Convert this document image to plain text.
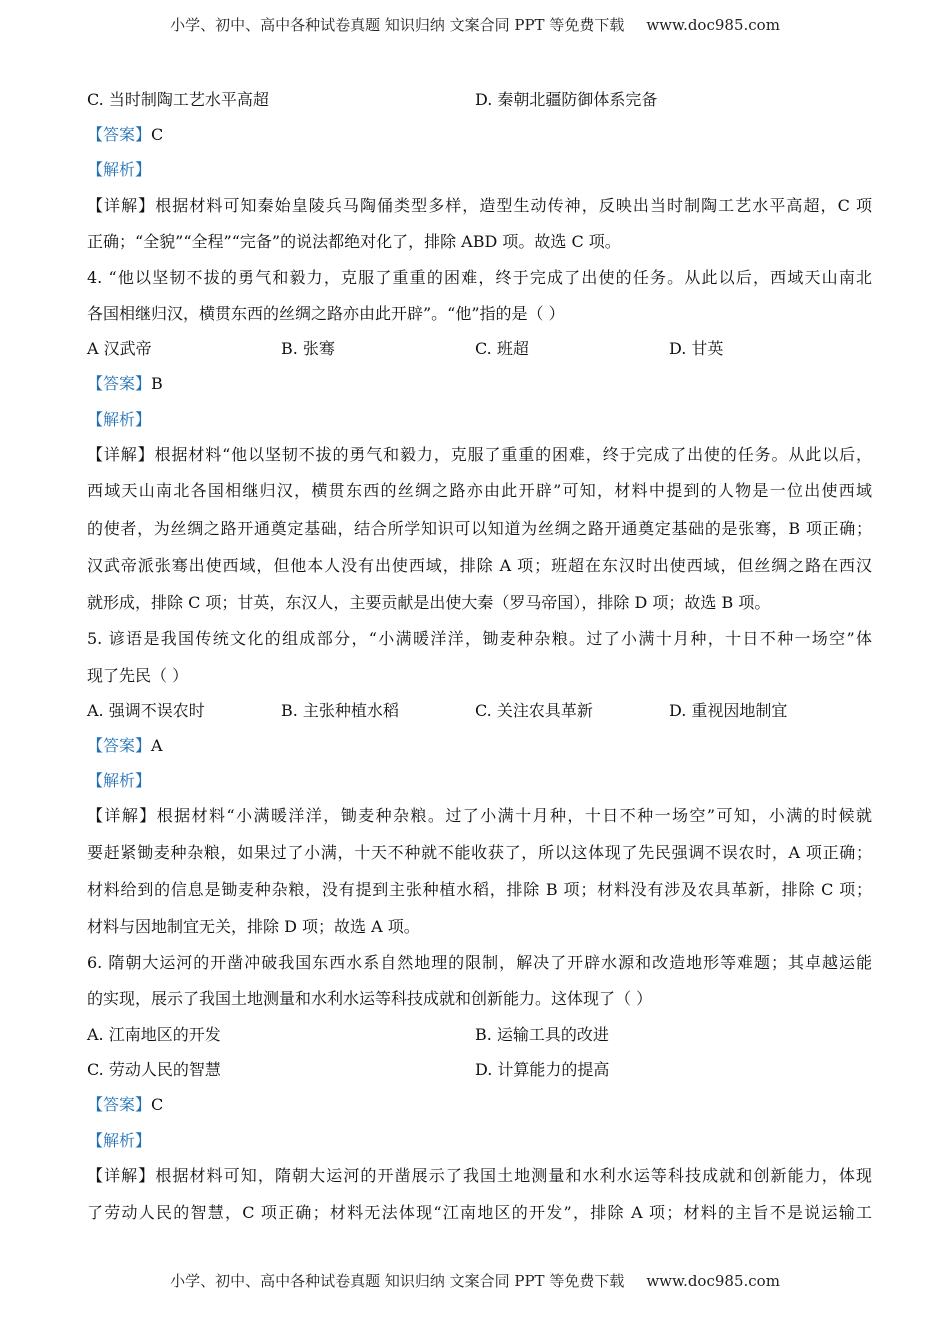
小学、初中、高中各种试卷真题 知识归纳 文案合同 PPT 等免费下载 www.doc985.com
C. 当时制陶工艺水平高超	D. 秦朝北疆防御体系完备
【答案】C
【解析】
【详解】根据材料可知秦始皇陵兵马陶俑类型多样，造型生动传神，反映出当时制陶工艺水平高超，C 项
正确；“全貌”“全程”“完备”的说法都绝对化了，排除 ABD 项。故选 C 项。
4. “他以坚韧不拔的勇气和毅力，克服了重重的困难，终于完成了出使的任务。从此以后，西域天山南北
各国相继归汉，横贯东西的丝绸之路亦由此开辟”。“他”指的是（ ）
A 汉武帝	B. 张骞	C. 班超	D. 甘英
【答案】B
【解析】
【详解】根据材料“他以坚韧不拔的勇气和毅力，克服了重重的困难，终于完成了出使的任务。从此以后，
西域天山南北各国相继归汉，横贯东西的丝绸之路亦由此开辟”可知，材料中提到的人物是一位出使西域
的使者，为丝绸之路开通奠定基础，结合所学知识可以知道为丝绸之路开通奠定基础的是张骞，B 项正确；
汉武帝派张骞出使西域，但他本人没有出使西域，排除 A 项；班超在东汉时出使西域，但丝绸之路在西汉
就形成，排除 C 项；甘英，东汉人，主要贡献是出使大秦（罗马帝国），排除 D 项；故选 B 项。
5. 谚语是我国传统文化的组成部分，“小满暖洋洋，锄麦种杂粮。过了小满十月种，十日不种一场空”体
现了先民（ ）
A. 强调不误农时	B. 主张种植水稻	C. 关注农具革新	D. 重视因地制宜
【答案】A
【解析】
【详解】根据材料“小满暖洋洋，锄麦种杂粮。过了小满十月种，十日不种一场空”可知，小满的时候就
要赶紧锄麦种杂粮，如果过了小满，十天不种就不能收获了，所以这体现了先民强调不误农时，A 项正确；
材料给到的信息是锄麦种杂粮，没有提到主张种植水稻，排除 B 项；材料没有涉及农具革新，排除 C 项；
材料与因地制宜无关，排除 D 项；故选 A 项。
6. 隋朝大运河的开凿冲破我国东西水系自然地理的限制，解决了开辟水源和改造地形等难题；其卓越运能
的实现，展示了我国土地测量和水利水运等科技成就和创新能力。这体现了（ ）
A. 江南地区的开发	B. 运输工具的改进
C. 劳动人民的智慧	D. 计算能力的提高
【答案】C
【解析】
【详解】根据材料可知，隋朝大运河的开凿展示了我国土地测量和水利水运等科技成就和创新能力，体现
了劳动人民的智慧，C 项正确；材料无法体现“江南地区的开发”，排除 A 项；材料的主旨不是说运输工
小学、初中、高中各种试卷真题 知识归纳 文案合同 PPT 等免费下载 www.doc985.com
